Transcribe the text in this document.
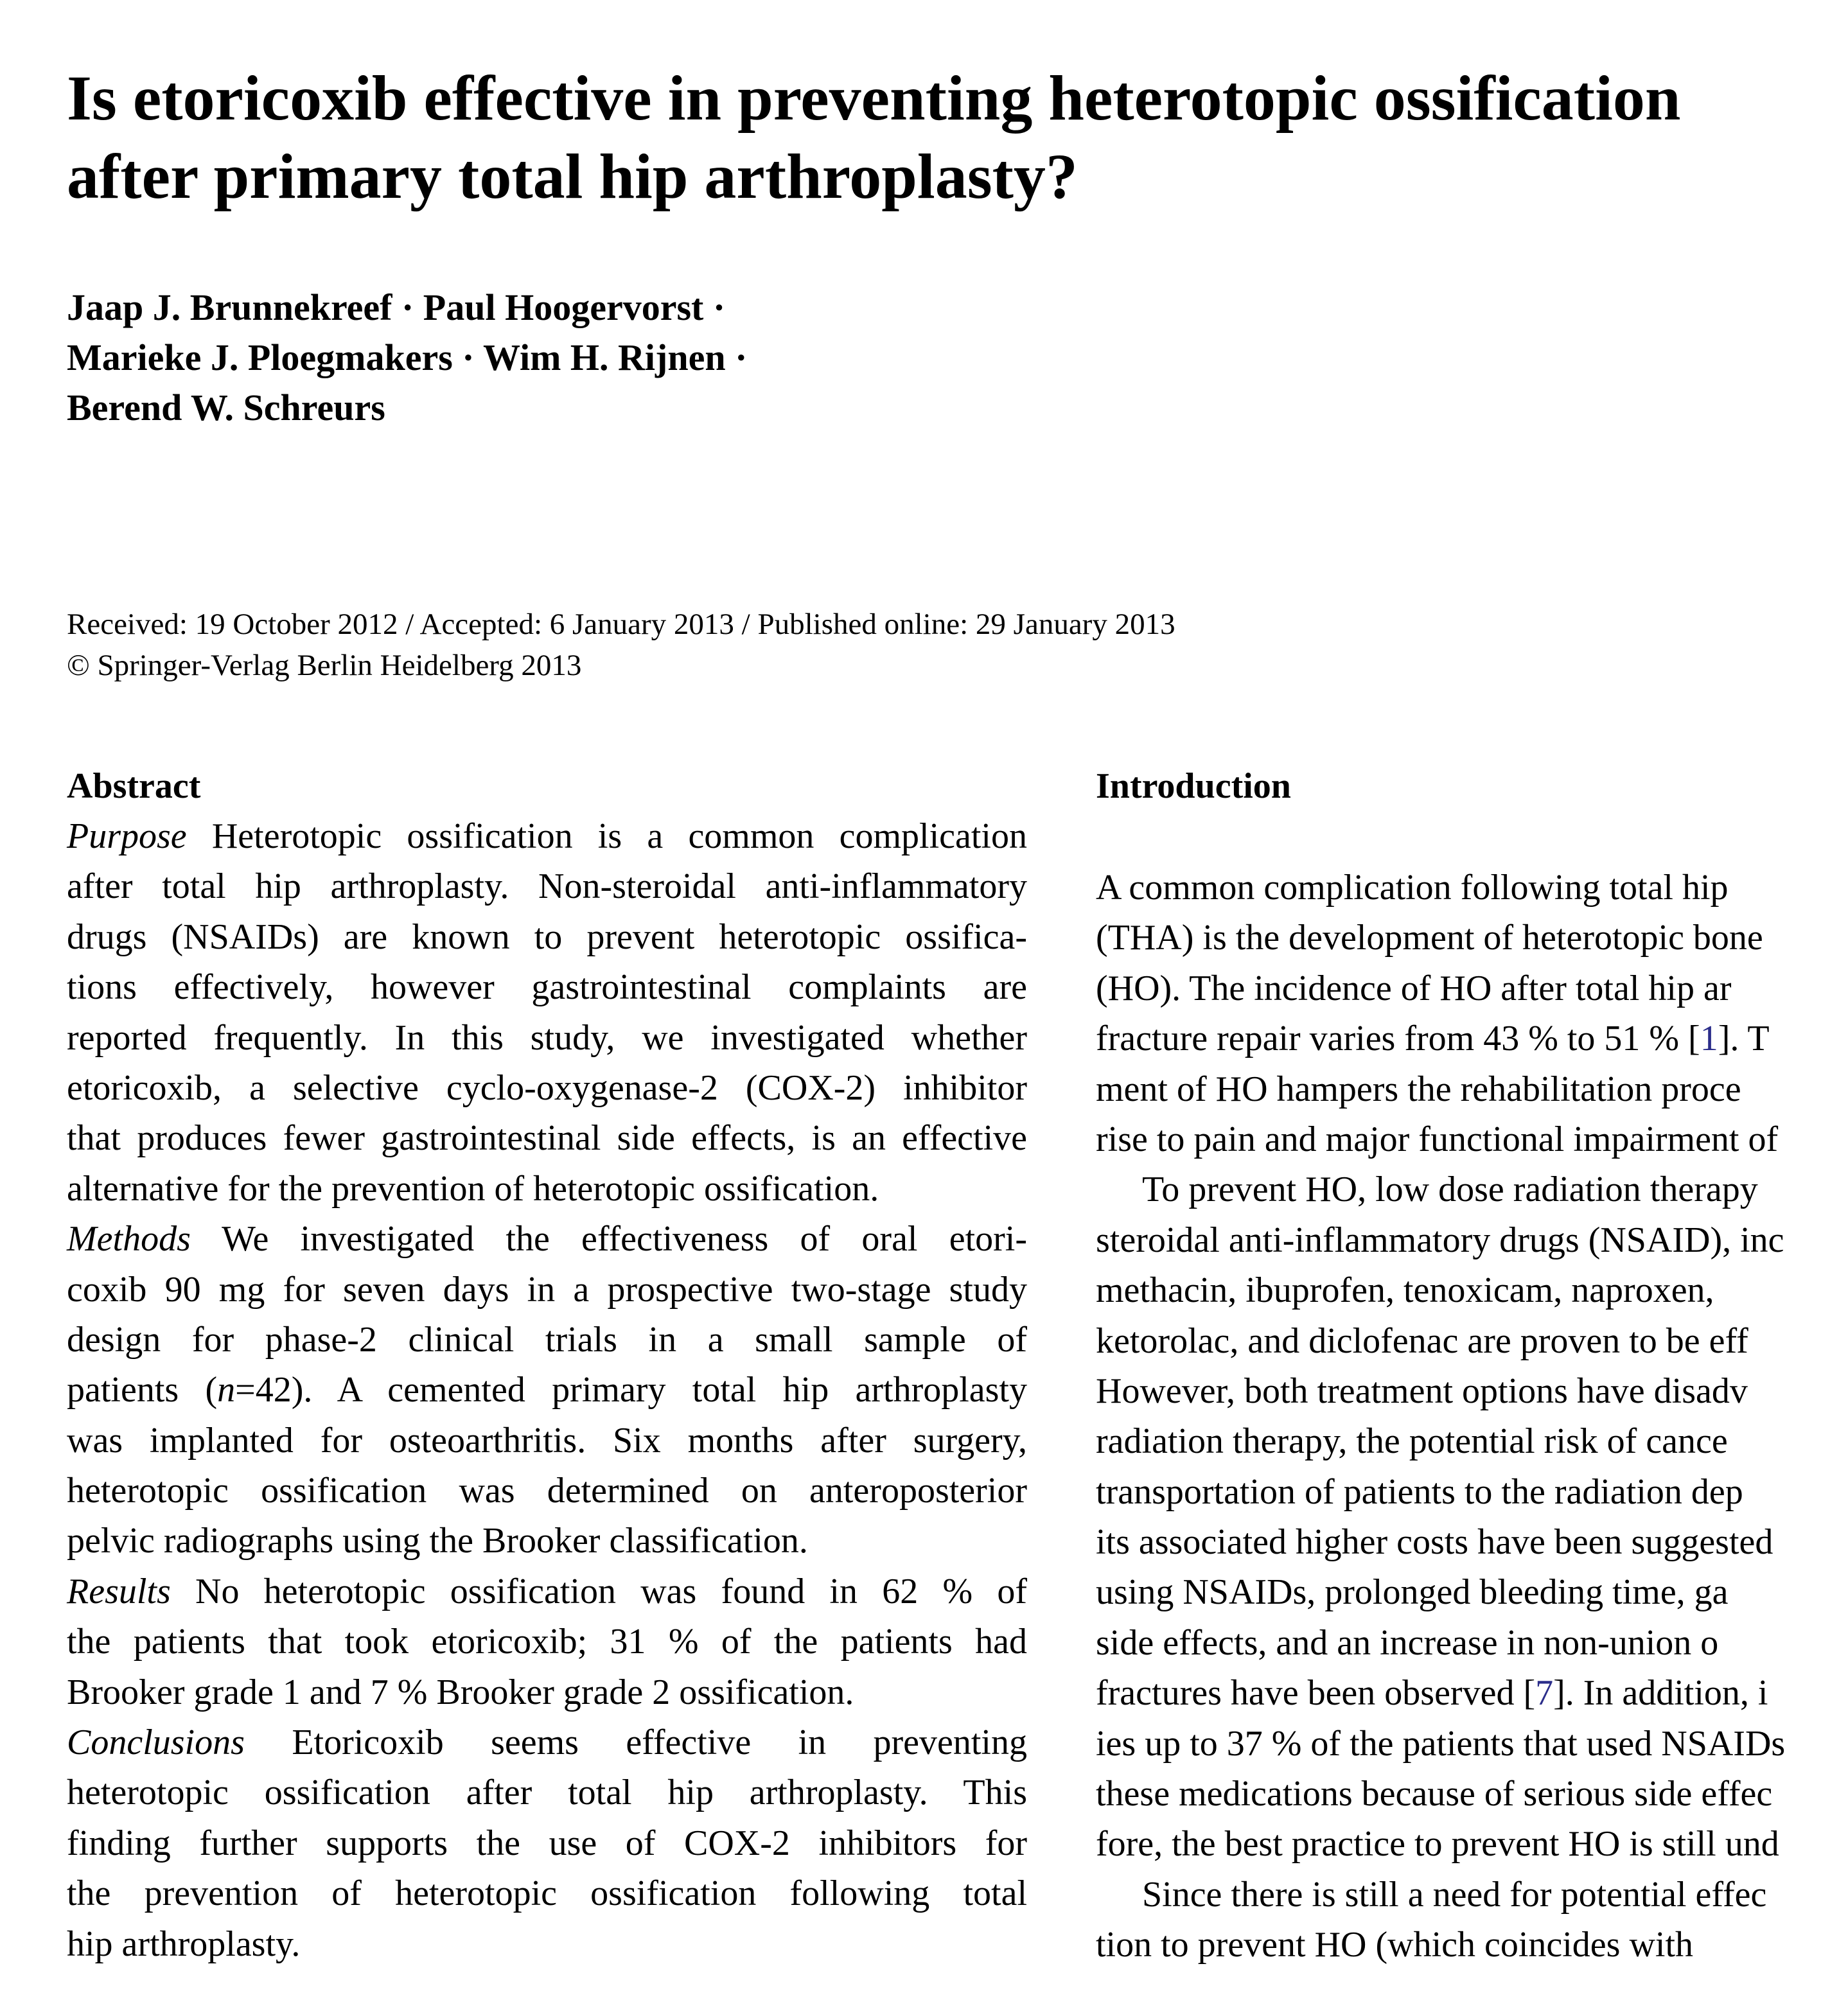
Is etoricoxib effective in preventing heterotopic ossification
after primary total hip arthroplasty?
Jaap J. Brunnekreef · Paul Hoogervorst ·
Marieke J. Ploegmakers · Wim H. Rijnen ·
Berend W. Schreurs
Received: 19 October 2012 / Accepted: 6 January 2013 / Published online: 29 January 2013
© Springer-Verlag Berlin Heidelberg 2013
Abstract
Purpose Heterotopic ossification is a common complication
after total hip arthroplasty. Non-steroidal anti-inflammatory
drugs (NSAIDs) are known to prevent heterotopic ossifica-
tions effectively, however gastrointestinal complaints are
reported frequently. In this study, we investigated whether
etoricoxib, a selective cyclo-oxygenase-2 (COX-2) inhibitor
that produces fewer gastrointestinal side effects, is an effective
alternative for the prevention of heterotopic ossification.
Methods We investigated the effectiveness of oral etori-
coxib 90 mg for seven days in a prospective two-stage study
design for phase-2 clinical trials in a small sample of
patients (n=42). A cemented primary total hip arthroplasty
was implanted for osteoarthritis. Six months after surgery,
heterotopic ossification was determined on anteroposterior
pelvic radiographs using the Brooker classification.
Results No heterotopic ossification was found in 62 % of
the patients that took etoricoxib; 31 % of the patients had
Brooker grade 1 and 7 % Brooker grade 2 ossification.
Conclusions Etoricoxib seems effective in preventing
heterotopic ossification after total hip arthroplasty. This
finding further supports the use of COX-2 inhibitors for
the prevention of heterotopic ossification following total
hip arthroplasty.
Introduction
A common complication following total hip
(THA) is the development of heterotopic bone
(HO). The incidence of HO after total hip ar
fracture repair varies from 43 % to 51 % [1]. T
ment of HO hampers the rehabilitation proce
rise to pain and major functional impairment of
To prevent HO, low dose radiation therapy
steroidal anti-inflammatory drugs (NSAID), inc
methacin, ibuprofen, tenoxicam, naproxen,
ketorolac, and diclofenac are proven to be eff
However, both treatment options have disadv
radiation therapy, the potential risk of cance
transportation of patients to the radiation dep
its associated higher costs have been suggested
using NSAIDs, prolonged bleeding time, ga
side effects, and an increase in non-union o
fractures have been observed [7]. In addition, i
ies up to 37 % of the patients that used NSAIDs
these medications because of serious side effec
fore, the best practice to prevent HO is still und
Since there is still a need for potential effec
tion to prevent HO (which coincides with
